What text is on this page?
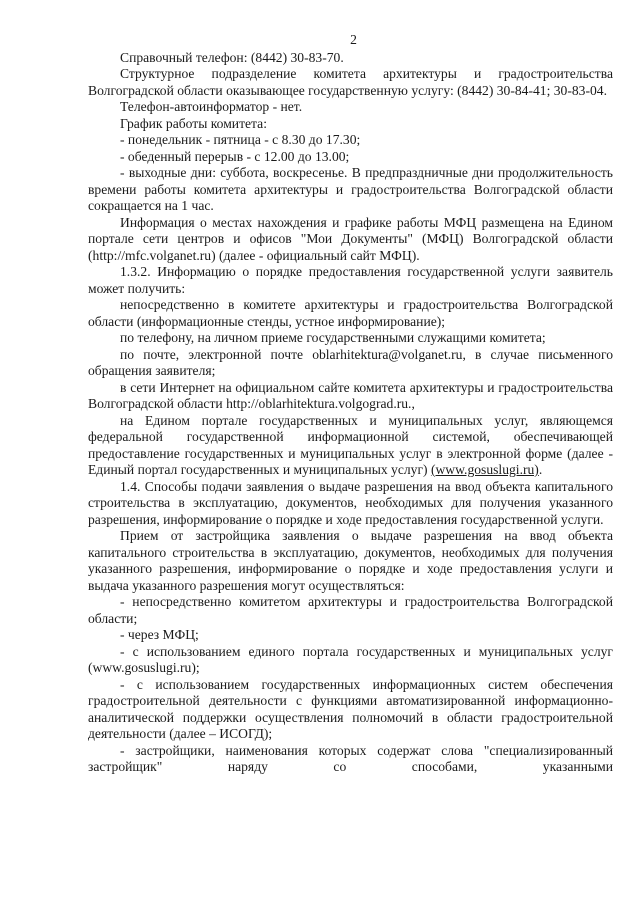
2

Справочный телефон: (8442) 30-83-70.

Структурное подразделение комитета архитектуры и градостроительства Волгоградской области оказывающее государственную услугу: (8442) 30-84-41; 30-83-04.

Телефон-автоинформатор - нет.

График работы комитета:

- понедельник - пятница - с 8.30 до 17.30;

- обеденный перерыв - с 12.00 до 13.00;

- выходные дни: суббота, воскресенье. В предпраздничные дни продолжительность времени работы комитета архитектуры и градостроительства Волгоградской области сокращается на 1 час.

Информация о местах нахождения и графике работы МФЦ размещена на Едином портале сети центров и офисов "Мои Документы" (МФЦ) Волгоградской области (http://mfc.volganet.ru) (далее - официальный сайт МФЦ).

1.3.2. Информацию о порядке предоставления государственной услуги заявитель может получить:

непосредственно в комитете архитектуры и градостроительства Волгоградской области (информационные стенды, устное информирование);

по телефону, на личном приеме государственными служащими комитета;

по почте, электронной почте oblarhitektura@volganet.ru, в случае письменного обращения заявителя;

в сети Интернет на официальном сайте комитета архитектуры и градостроительства Волгоградской области http://oblarhitektura.volgograd.ru.,

на Едином портале государственных и муниципальных услуг, являющемся федеральной государственной информационной системой, обеспечивающей предоставление государственных и муниципальных услуг в электронной форме (далее - Единый портал государственных и муниципальных услуг) (www.gosuslugi.ru).

1.4. Способы подачи заявления о выдаче разрешения на ввод объекта капитального строительства в эксплуатацию, документов, необходимых для получения указанного разрешения, информирование о порядке и ходе предоставления государственной услуги.

Прием от застройщика заявления о выдаче разрешения на ввод объекта капитального строительства в эксплуатацию, документов, необходимых для получения указанного разрешения, информирование о порядке и ходе предоставления услуги и выдача указанного разрешения могут осуществляться:

- непосредственно комитетом архитектуры и градостроительства Волгоградской области;

- через МФЦ;

- с использованием единого портала государственных и муниципальных услуг (www.gosuslugi.ru);

- с использованием государственных информационных систем обеспечения градостроительной деятельности с функциями автоматизированной информационно-аналитической поддержки осуществления полномочий в области градостроительной деятельности (далее – ИСОГД);

- застройщики, наименования которых содержат слова "специализированный застройщик" наряду со способами, указанными
